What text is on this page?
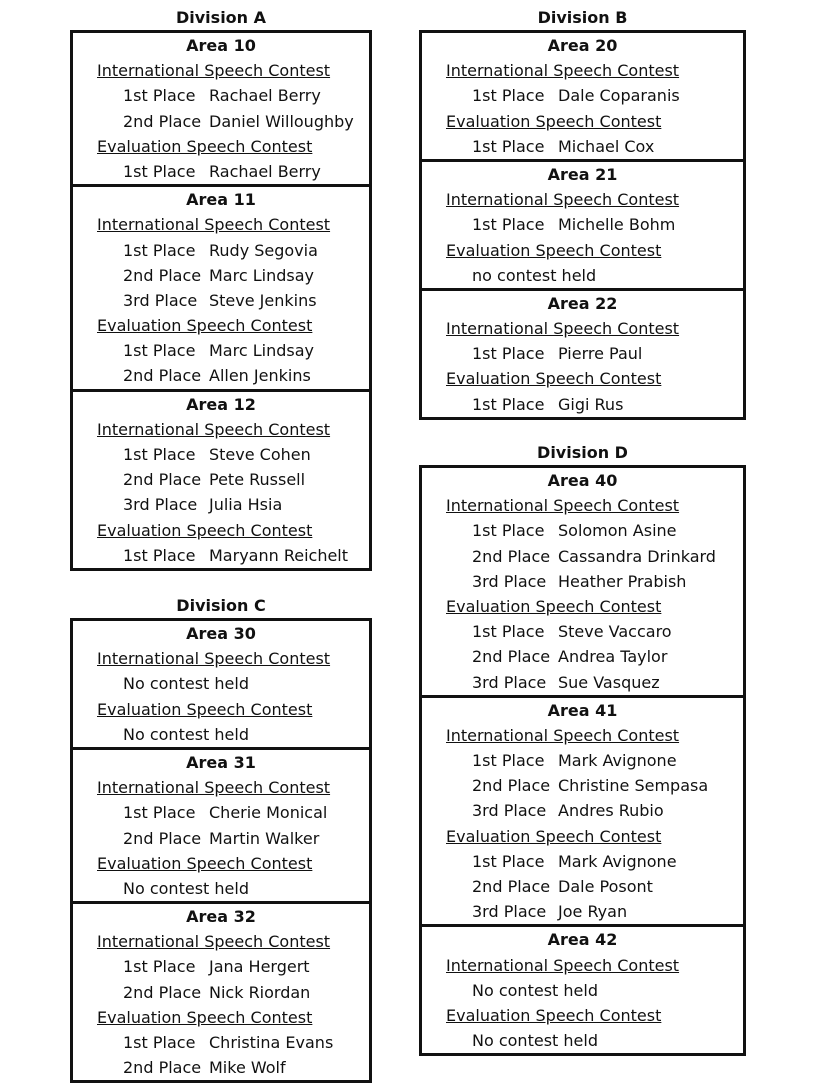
Division A
Area 10
International Speech Contest
1st Place Rachael Berry
2nd Place Daniel Willoughby
Evaluation Speech Contest
1st Place Rachael Berry
Area 11
International Speech Contest
1st Place Rudy Segovia
2nd Place Marc Lindsay
3rd Place Steve Jenkins
Evaluation Speech Contest
1st Place Marc Lindsay
2nd Place Allen Jenkins
Area 12
International Speech Contest
1st Place Steve Cohen
2nd Place Pete Russell
3rd Place Julia Hsia
Evaluation Speech Contest
1st Place Maryann Reichelt
Division B
Area 20
International Speech Contest
1st Place Dale Coparanis
Evaluation Speech Contest
1st Place Michael Cox
Area 21
International Speech Contest
1st Place Michelle Bohm
Evaluation Speech Contest
no contest held
Area 22
International Speech Contest
1st Place Pierre Paul
Evaluation Speech Contest
1st Place Gigi Rus
Division C
Area 30
International Speech Contest
No contest held
Evaluation Speech Contest
No contest held
Area 31
International Speech Contest
1st Place Cherie Monical
2nd Place Martin Walker
Evaluation Speech Contest
No contest held
Area 32
International Speech Contest
1st Place Jana Hergert
2nd Place Nick Riordan
Evaluation Speech Contest
1st Place Christina Evans
2nd Place Mike Wolf
Division D
Area 40
International Speech Contest
1st Place Solomon Asine
2nd Place Cassandra Drinkard
3rd Place Heather Prabish
Evaluation Speech Contest
1st Place Steve Vaccaro
2nd Place Andrea Taylor
3rd Place Sue Vasquez
Area 41
International Speech Contest
1st Place Mark Avignone
2nd Place Christine Sempasa
3rd Place Andres Rubio
Evaluation Speech Contest
1st Place Mark Avignone
2nd Place Dale Posont
3rd Place Joe Ryan
Area 42
International Speech Contest
No contest held
Evaluation Speech Contest
No contest held
